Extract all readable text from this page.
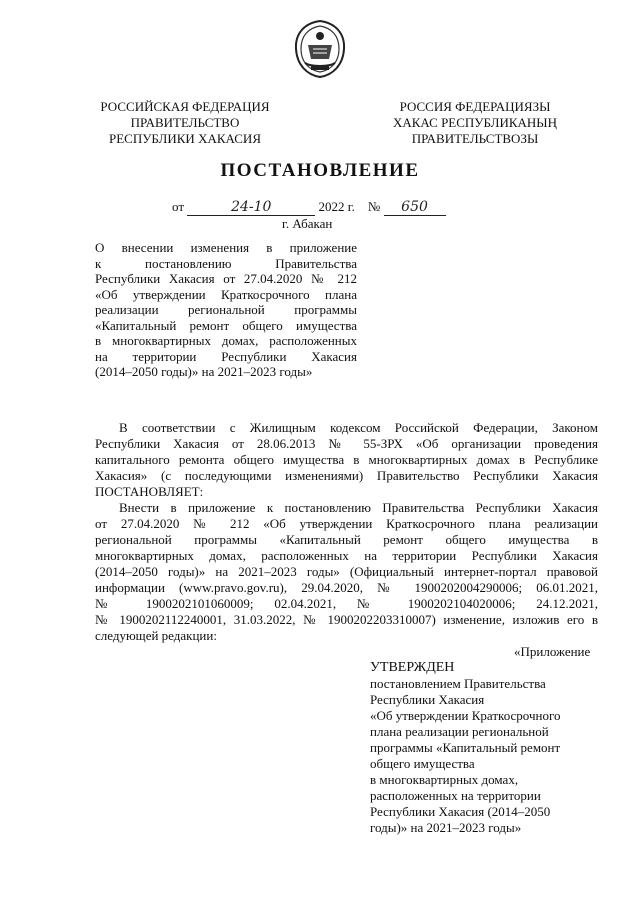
РОССИЙСКАЯ ФЕДЕРАЦИЯ
ПРАВИТЕЛЬСТВО
РЕСПУБЛИКИ ХАКАСИЯ
РОССИЯ ФЕДЕРАЦИЯЗЫ
ХАКАС РЕСПУБЛИКАНЫҢ
ПРАВИТЕЛЬСТВОЗЫ
ПОСТАНОВЛЕНИЕ
от	24-10	2022 г. № 650
г. Абакан
О внесении изменения в приложение
к постановлению Правительства
Республики Хакасия от 27.04.2020 № 212
«Об утверждении Краткосрочного плана
реализации региональной программы
«Капитальный ремонт общего имущества
в многоквартирных домах, расположенных
на территории Республики Хакасия
(2014–2050 годы)» на 2021–2023 годы»

В соответствии с Жилищным кодексом Российской Федерации, Законом
Республики Хакасия от 28.06.2013 № 55-ЗРХ «Об организации проведения
капитального ремонта общего имущества в многоквартирных домах в Республике
Хакасия» (с последующими изменениями) Правительство Республики Хакасия
ПОСТАНОВЛЯЕТ:

Внести в приложение к постановлению Правительства Республики Хакасия
от 27.04.2020 № 212 «Об утверждении Краткосрочного плана реализации
региональной программы «Капитальный ремонт общего имущества в
многоквартирных домах, расположенных на территории Республики Хакасия
(2014–2050 годы)» на 2021–2023 годы» (Официальный интернет-портал правовой
информации (www.pravo.gov.ru), 29.04.2020, № 1900202004290006; 06.01.2021,
№ 1900202101060009; 02.04.2021, № 1900202104020006; 24.12.2021,
№ 1900202112240001, 31.03.2022, № 1900202203310007) изменение, изложив его в
следующей редакции:

«Приложение
УТВЕРЖДЕН
постановлением Правительства
Республики Хакасия
«Об утверждении Краткосрочного
плана реализации региональной
программы «Капитальный ремонт
общего имущества
в многоквартирных домах,
расположенных на территории
Республики Хакасия (2014–2050
годы)» на 2021–2023 годы»
